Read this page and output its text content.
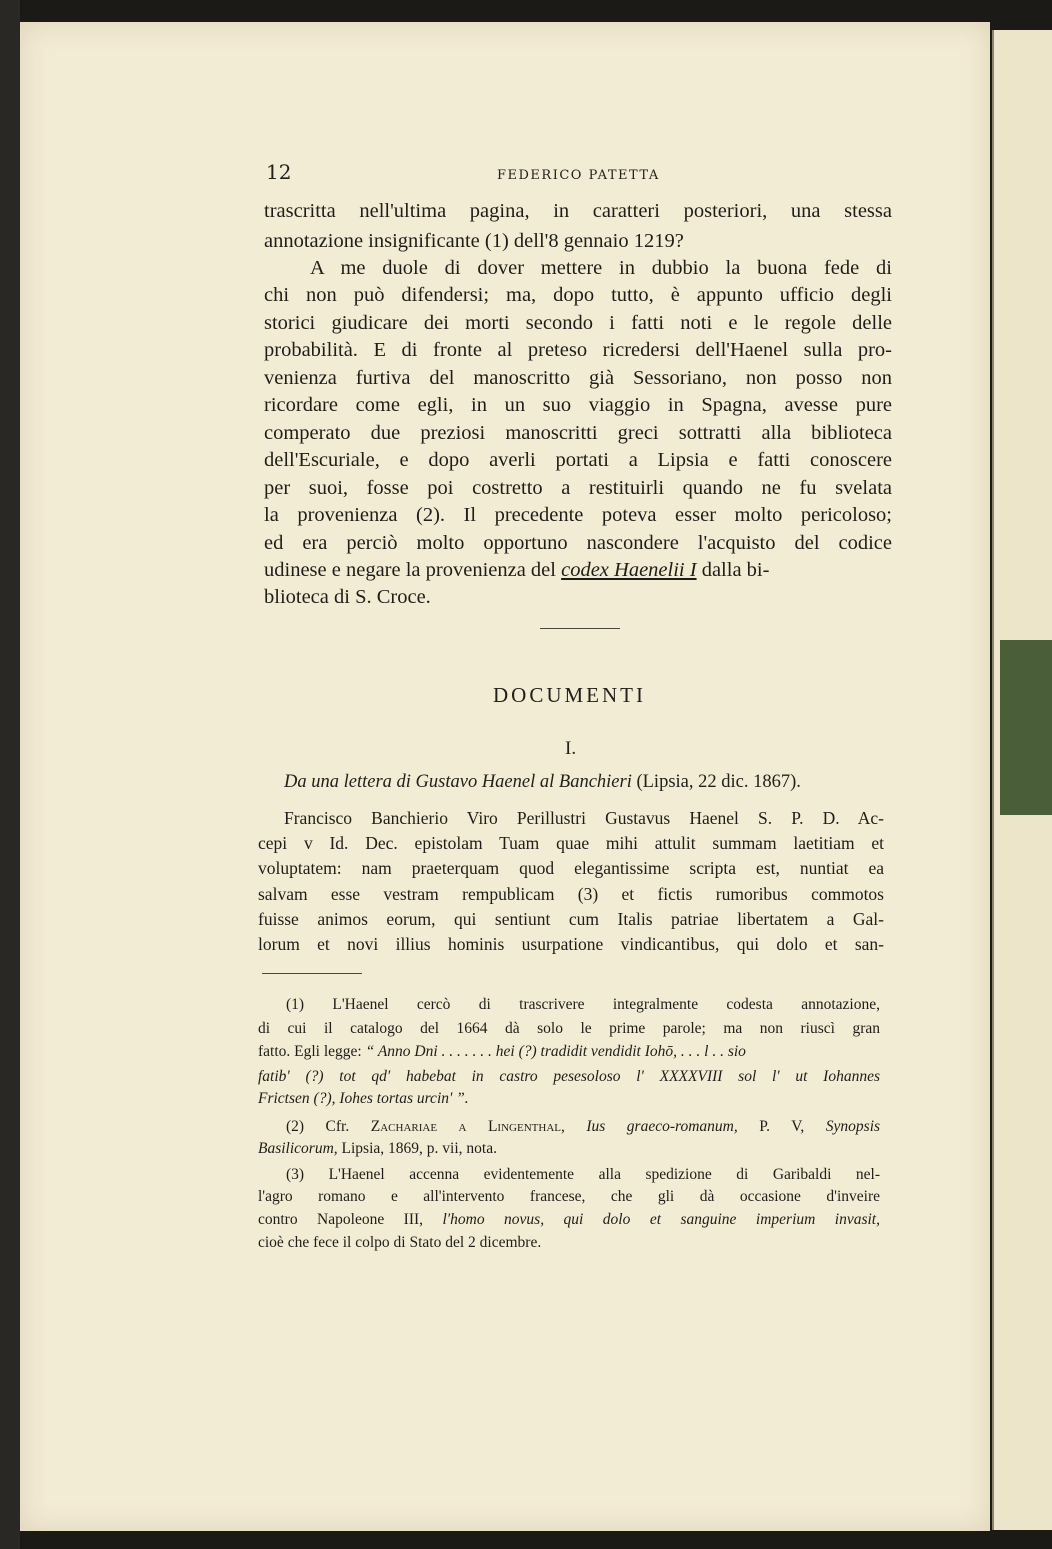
12	FEDERICO PATETTA
trascritta nell'ultima pagina, in caratteri posteriori, una stessa
annotazione insignificante (1) dell'8 gennaio 1219?
A me duole di dover mettere in dubbio la buona fede di
chi non può difendersi; ma, dopo tutto, è appunto ufficio degli
storici giudicare dei morti secondo i fatti noti e le regole delle
probabilità. E di fronte al preteso ricredersi dell'Haenel sulla pro-
venienza furtiva del manoscritto già Sessoriano, non posso non
ricordare come egli, in un suo viaggio in Spagna, avesse pure
comperato due preziosi manoscritti greci sottratti alla biblioteca
dell'Escuriale, e dopo averli portati a Lipsia e fatti conoscere
per suoi, fosse poi costretto a restituirli quando ne fu svelata
la provenienza (2). Il precedente poteva esser molto pericoloso;
ed era perciò molto opportuno nascondere l'acquisto del codice
udinese e negare la provenienza del codex Haenelii I dalla bi-
blioteca di S. Croce.
DOCUMENTI
I.
Da una lettera di Gustavo Haenel al Banchieri (Lipsia, 22 dic. 1867).
Francisco Banchierio Viro Perillustri Gustavus Haenel S. P. D. Ac-
cepi v Id. Dec. epistolam Tuam quae mihi attulit summam laetitiam et
voluptatem: nam praeterquam quod elegantissime scripta est, nuntiat ea
salvam esse vestram rempublicam (3) et fictis rumoribus commotos
fuisse animos eorum, qui sentiunt cum Italis patriae libertatem a Gal-
lorum et novi illius hominis usurpatione vindicantibus, qui dolo et san-
(1) L'Haenel cercò di trascrivere integralmente codesta annotazione,
di cui il catalogo del 1664 dà solo le prime parole; ma non riuscì gran
fatto. Egli legge: “ Anno Dni . . . . . . . hei (?) tradidit vendidit Iohō, . . . l . . sio
fatib' (?) tot qd' habebat in castro pesesoloso l' XXXXVIII sol l' ut Iohannes
Frictsen (?), Iohes tortas urcin' ”.
(2) Cfr. Zachariae a Lingenthal, Ius graeco-romanum, P. V, Synopsis
Basilicorum, Lipsia, 1869, p. vii, nota.
(3) L'Haenel accenna evidentemente alla spedizione di Garibaldi nel-
l'agro romano e all'intervento francese, che gli dà occasione d'inveire
contro Napoleone III, l'homo novus, qui dolo et sanguine imperium invasit,
cioè che fece il colpo di Stato del 2 dicembre.
